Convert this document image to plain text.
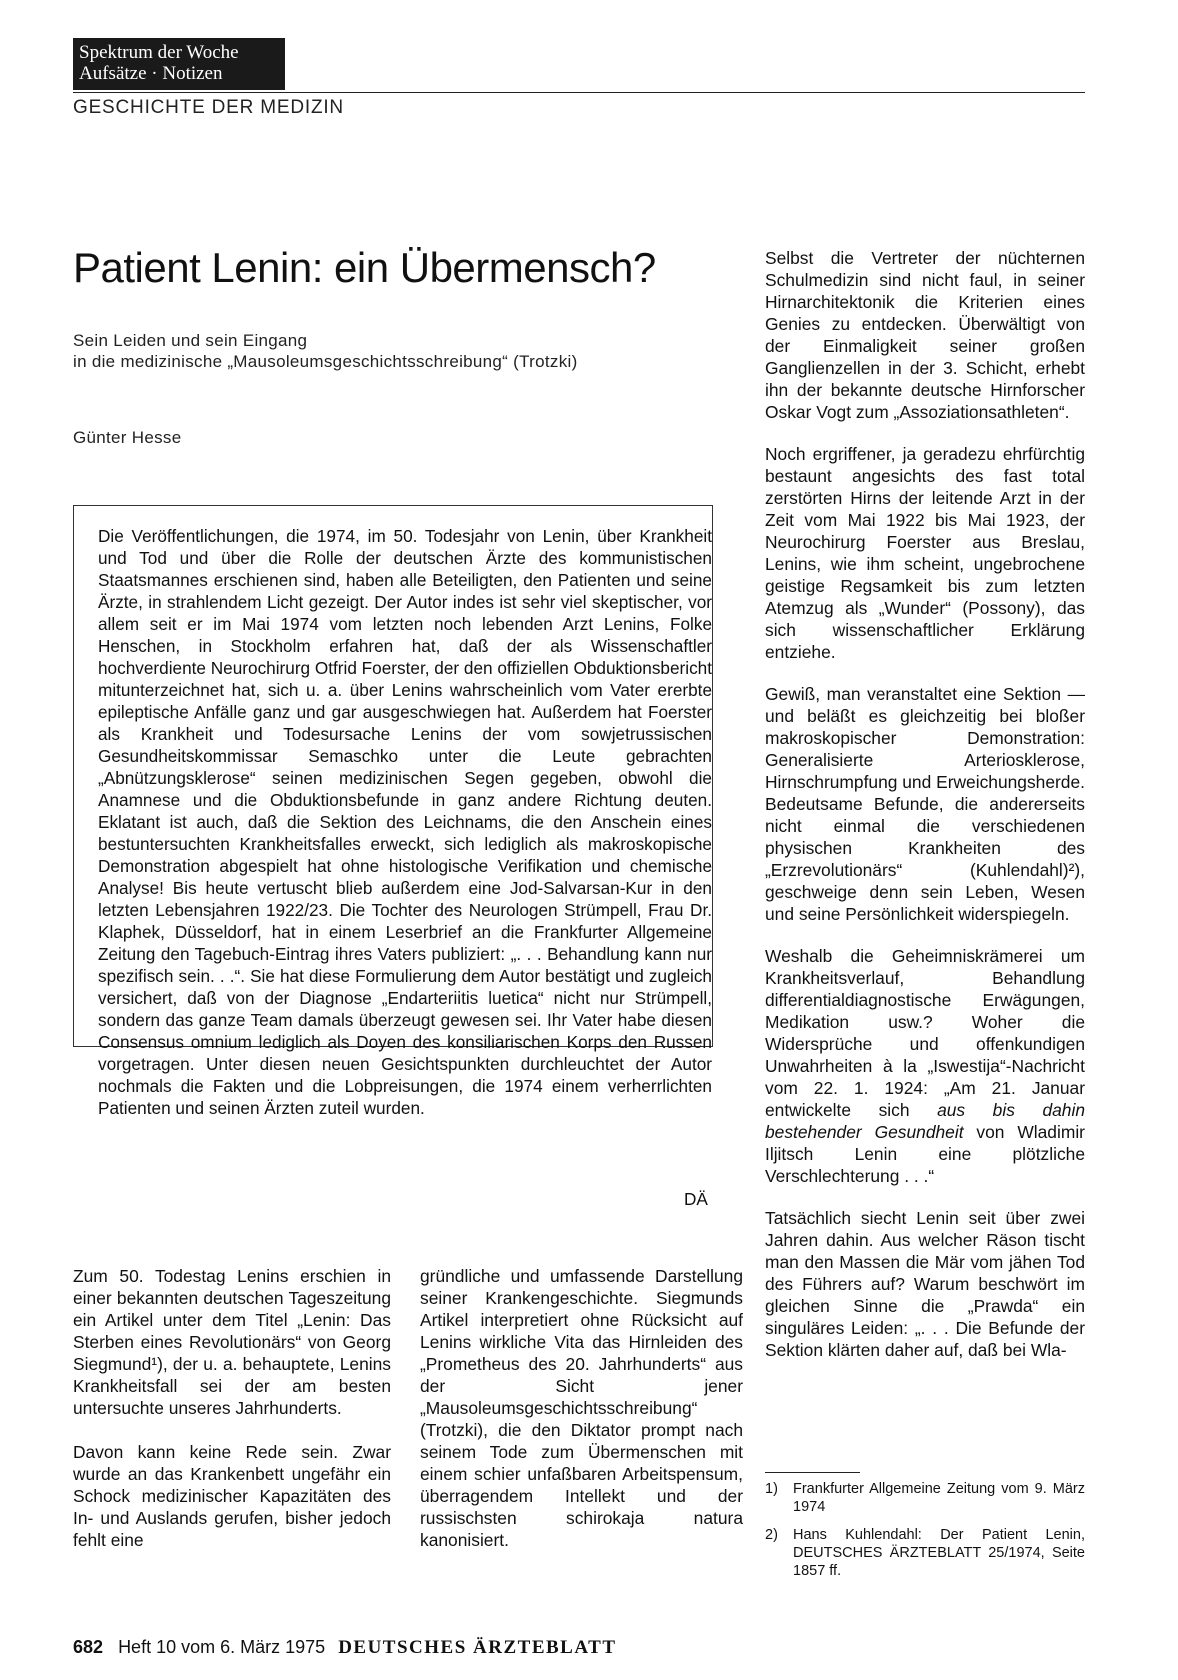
Spektrum der Woche
Aufsätze · Notizen
GESCHICHTE DER MEDIZIN
Patient Lenin: ein Übermensch?
Sein Leiden und sein Eingang
in die medizinische „Mausoleumsgeschichtsschreibung“ (Trotzki)
Günter Hesse
Die Veröffentlichungen, die 1974, im 50. Todesjahr von Lenin, über Krankheit und Tod und über die Rolle der deutschen Ärzte des kommunistischen Staatsmannes erschienen sind, haben alle Beteiligten, den Patienten und seine Ärzte, in strahlendem Licht gezeigt. Der Autor indes ist sehr viel skeptischer, vor allem seit er im Mai 1974 vom letzten noch lebenden Arzt Lenins, Folke Henschen, in Stockholm erfahren hat, daß der als Wissenschaftler hochverdiente Neurochirurg Otfrid Foerster, der den offiziellen Obduktionsbericht mitunterzeichnet hat, sich u. a. über Lenins wahrscheinlich vom Vater ererbte epileptische Anfälle ganz und gar ausgeschwiegen hat. Außerdem hat Foerster als Krankheit und Todesursache Lenins der vom sowjetrussischen Gesundheitskommissar Semaschko unter die Leute gebrachten „Abnützungsklerose“ seinen medizinischen Segen gegeben, obwohl die Anamnese und die Obduktionsbefunde in ganz andere Richtung deuten. Eklatant ist auch, daß die Sektion des Leichnams, die den Anschein eines bestuntersuchten Krankheitsfalles erweckt, sich lediglich als makroskopische Demonstration abgespielt hat ohne histologische Verifikation und chemische Analyse! Bis heute vertuscht blieb außerdem eine Jod-Salvarsan-Kur in den letzten Lebensjahren 1922/23. Die Tochter des Neurologen Strümpell, Frau Dr. Klaphek, Düsseldorf, hat in einem Leserbrief an die Frankfurter Allgemeine Zeitung den Tagebuch-Eintrag ihres Vaters publiziert: „. . . Behandlung kann nur spezifisch sein. . .“. Sie hat diese Formulierung dem Autor bestätigt und zugleich versichert, daß von der Diagnose „Endarteriitis luetica“ nicht nur Strümpell, sondern das ganze Team damals überzeugt gewesen sei. Ihr Vater habe diesen Consensus omnium lediglich als Doyen des konsiliarischen Korps den Russen vorgetragen. Unter diesen neuen Gesichtspunkten durchleuchtet der Autor nochmals die Fakten und die Lobpreisungen, die 1974 einem verherrlichten Patienten und seinen Ärzten zuteil wurden.
DÄ

Zum 50. Todestag Lenins erschien in einer bekannten deutschen Tageszeitung ein Artikel unter dem Titel „Lenin: Das Sterben eines Revolutionärs“ von Georg Siegmund¹), der u. a. behauptete, Lenins Krankheitsfall sei der am besten untersuchte unseres Jahrhunderts.

Davon kann keine Rede sein. Zwar wurde an das Krankenbett ungefähr ein Schock medizinischer Kapazitäten des In- und Auslands gerufen, bisher jedoch fehlt eine

gründliche und umfassende Darstellung seiner Krankengeschichte. Siegmunds Artikel interpretiert ohne Rücksicht auf Lenins wirkliche Vita das Hirnleiden des „Prometheus des 20. Jahrhunderts“ aus der Sicht jener „Mausoleumsgeschichtsschreibung“ (Trotzki), die den Diktator prompt nach seinem Tode zum Übermenschen mit einem schier unfaßbaren Arbeitspensum, überragendem Intellekt und der russischsten schirokaja natura kanonisiert.

Selbst die Vertreter der nüchternen Schulmedizin sind nicht faul, in seiner Hirnarchitektonik die Kriterien eines Genies zu entdecken. Überwältigt von der Einmaligkeit seiner großen Ganglienzellen in der 3. Schicht, erhebt ihn der bekannte deutsche Hirnforscher Oskar Vogt zum „Assoziationsathleten“.

Noch ergriffener, ja geradezu ehrfürchtig bestaunt angesichts des fast total zerstörten Hirns der leitende Arzt in der Zeit vom Mai 1922 bis Mai 1923, der Neurochirurg Foerster aus Breslau, Lenins, wie ihm scheint, ungebrochene geistige Regsamkeit bis zum letzten Atemzug als „Wunder“ (Possony), das sich wissenschaftlicher Erklärung entziehe.

Gewiß, man veranstaltet eine Sektion — und beläßt es gleichzeitig bei bloßer makroskopischer Demonstration: Generalisierte Arteriosklerose, Hirnschrumpfung und Erweichungsherde. Bedeutsame Befunde, die andererseits nicht einmal die verschiedenen physischen Krankheiten des „Erzrevolutionärs“ (Kuhlendahl)²), geschweige denn sein Leben, Wesen und seine Persönlichkeit widerspiegeln.

Weshalb die Geheimniskrämerei um Krankheitsverlauf, Behandlung differentialdiagnostische Erwägungen, Medikation usw.? Woher die Widersprüche und offenkundigen Unwahrheiten à la „Iswestija“-Nachricht vom 22. 1. 1924: „Am 21. Januar entwickelte sich aus bis dahin bestehender Gesundheit von Wladimir Iljitsch Lenin eine plötzliche Verschlechterung . . .“

Tatsächlich siecht Lenin seit über zwei Jahren dahin. Aus welcher Räson tischt man den Massen die Mär vom jähen Tod des Führers auf? Warum beschwört im gleichen Sinne die „Prawda“ ein singuläres Leiden: „. . . Die Befunde der Sektion klärten daher auf, daß bei Wla-

1)	Frankfurter Allgemeine Zeitung vom 9. März 1974
2)	Hans Kuhlendahl: Der Patient Lenin, DEUTSCHES ÄRZTEBLATT 25/1974, Seite 1857 ff.
682 Heft 10 vom 6. März 1975 DEUTSCHES ÄRZTEBLATT
